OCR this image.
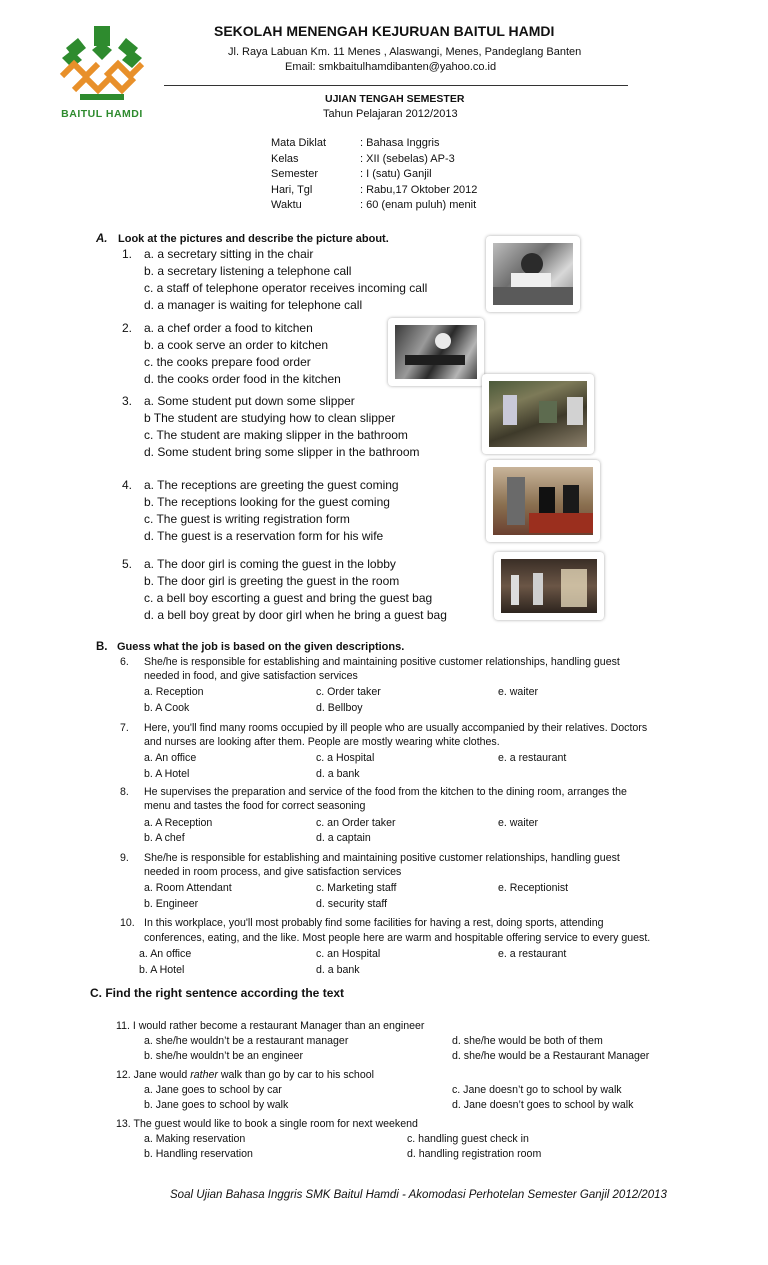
BAITUL HAMDI
SEKOLAH MENENGAH KEJURUAN BAITUL HAMDI
Jl. Raya Labuan Km. 11 Menes , Alaswangi, Menes, Pandeglang Banten
Email: smkbaitulhamdibanten@yahoo.co.id
UJIAN TENGAH SEMESTER
Tahun Pelajaran 2012/2013
Mata Diklat	: Bahasa Inggris
Kelas	: XII (sebelas) AP-3
Semester	: I (satu) Ganjil
Hari, Tgl	: Rabu,17 Oktober 2012
Waktu	: 60 (enam puluh) menit
A. Look at the pictures and describe the picture about.
1. a. a secretary sitting in the chair
b. a secretary listening a telephone call
c. a staff of telephone operator receives incoming call
d. a manager is waiting for telephone call
2. a. a chef order a food to kitchen
b. a cook serve an order to kitchen
c. the cooks prepare food order
d. the cooks order food in the kitchen
3. a. Some student put down some slipper
b The student are studying how to clean slipper
c. The student are making slipper in the bathroom
d. Some student bring some slipper in the bathroom
4. a. The receptions are greeting the guest coming
b. The receptions looking for the guest coming
c. The guest is writing registration form
d. The guest is a reservation form for his wife
5. a. The door girl is coming the guest in the lobby
b. The door girl is greeting the guest in the room
c. a bell boy escorting a guest and bring the guest bag
d. a bell boy great by door girl when he bring a guest bag
B. Guess what the job is based on the given descriptions.
6. She/he is responsible for establishing and maintaining positive customer relationships, handling guest
needed in food, and give satisfaction services
a. Reception
b. A Cook
c. Order taker
d. Bellboy
e. waiter
7. Here, you'll find many rooms occupied by ill people who are usually accompanied by their relatives. Doctors
and nurses are looking after them. People are mostly wearing white clothes.
a. An office
b. A Hotel
c. a Hospital
d. a bank
e. a restaurant
8. He supervises the preparation and service of the food from the kitchen to the dining room, arranges the
menu and tastes the food for correct seasoning
a. A Reception
b. A chef
c. an Order taker
d. a captain
e. waiter
9. She/he is responsible for establishing and maintaining positive customer relationships, handling guest
needed in room process, and give satisfaction services
a. Room Attendant
b. Engineer
c. Marketing staff
d. security staff
e. Receptionist
10. In this workplace, you'll most probably find some facilities for having a rest, doing sports, attending
conferences, eating, and the like. Most people here are warm and hospitable offering service to every guest.
a. An office
b. A Hotel
c. an Hospital
d. a bank
e. a restaurant
C. Find the right sentence according the text
11. I would rather become a restaurant Manager than an engineer
a. she/he wouldn’t be a restaurant manager
b. she/he wouldn’t be an engineer
d. she/he would be both of them
d. she/he would be a Restaurant Manager
12. Jane would rather walk than go by car to his school
a. Jane goes to school by car
b. Jane goes to school by walk
c. Jane doesn’t go to school by walk
d. Jane doesn’t goes to school by walk
13. The guest would like to book a single room for next weekend
a. Making reservation
b. Handling reservation
c. handling guest check in
d. handling registration room
Soal Ujian Bahasa Inggris SMK Baitul Hamdi - Akomodasi Perhotelan Semester Ganjil 2012/2013
